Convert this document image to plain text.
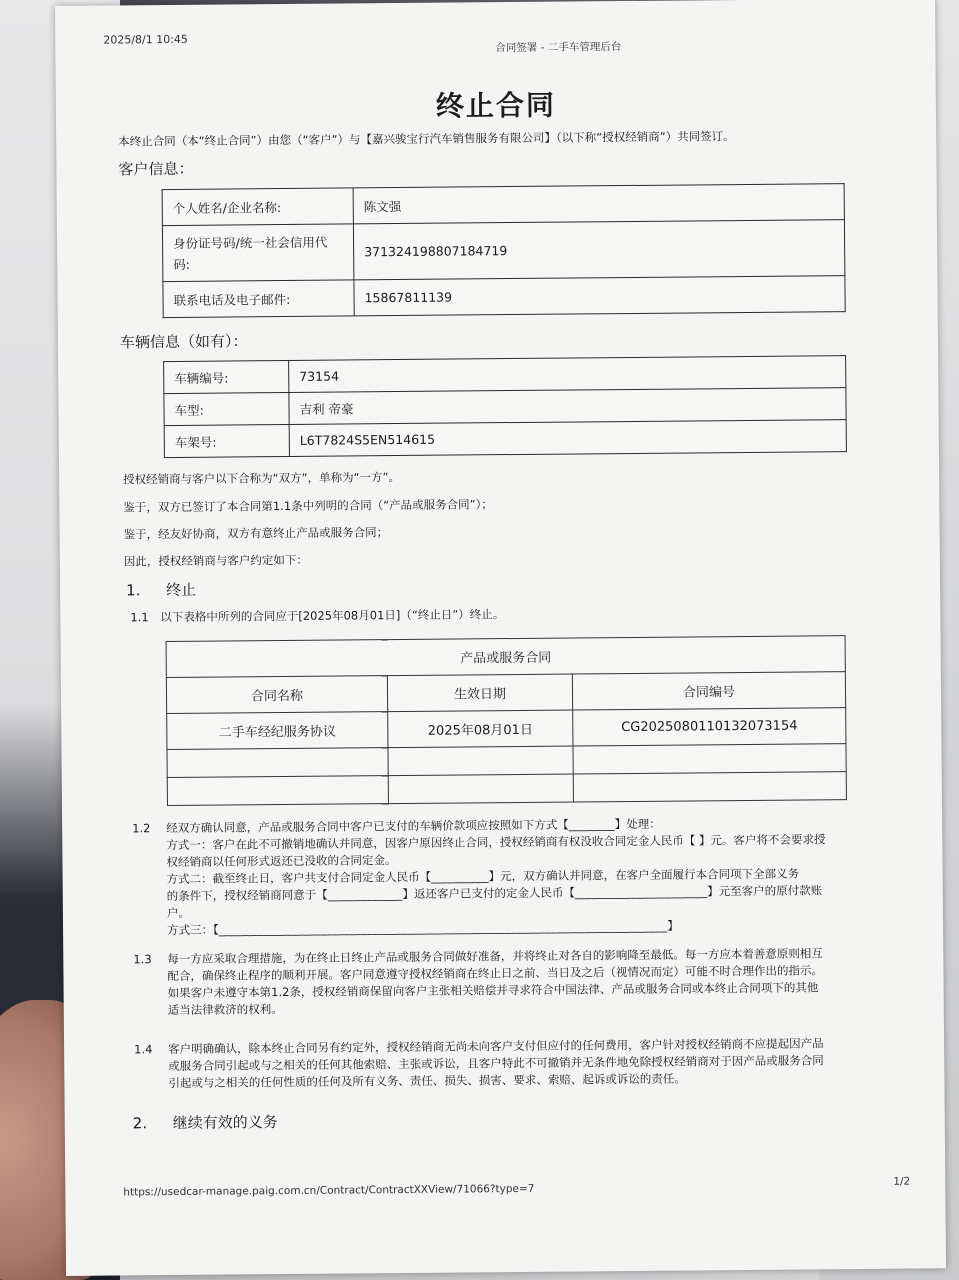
2025/8/1 10:45
合同签署 - 二手车管理后台
终止合同
本终止合同（本“终止合同”）由您（“客户”）与【嘉兴骏宝行汽车销售服务有限公司】（以下称“授权经销商”）共同签订。
客户信息：
个人姓名/企业名称:	陈文强
身份证号码/统一社会信用代码:	371324198807184719
联系电话及电子邮件:	15867811139
车辆信息（如有）：
车辆编号:	73154
车型:	吉利 帝豪
车架号:	L6T7824S5EN514615
授权经销商与客户以下合称为“双方”，单称为“一方”。
鉴于，双方已签订了本合同第1.1条中列明的合同（“产品或服务合同”）；
鉴于，经友好协商，双方有意终止产品或服务合同；
因此，授权经销商与客户约定如下：
1. 终止
1.1 以下表格中所列的合同应于[2025年08月01日]（“终止日”）终止。
产品或服务合同		
合同名称	生效日期	合同编号
二手车经纪服务协议	2025年08月01日	CG2025080110132073154

1.2 经双方确认同意，产品或服务合同中客户已支付的车辆价款项应按照如下方式【________】处理：
方式一：客户在此不可撤销地确认并同意，因客户原因终止合同，授权经销商有权没收合同定金人民币【 】元。客户将不会要求授
权经销商以任何形式返还已没收的合同定金。
方式二：截至终止日，客户共支付合同定金人民币【__________】元，双方确认并同意，在客户全面履行本合同项下全部义务
的条件下，授权经销商同意于【_____________】返还客户已支付的定金人民币【_______________________】元至客户的原付款账
户。
方式三：【______________________________________________________________________________】
1.3 每一方应采取合理措施，为在终止日终止产品或服务合同做好准备，并将终止对各自的影响降至最低。每一方应本着善意原则相互
配合，确保终止程序的顺利开展。客户同意遵守授权经销商在终止日之前、当日及之后（视情况而定）可能不时合理作出的指示。
如果客户未遵守本第1.2条，授权经销商保留向客户主张相关赔偿并寻求符合中国法律、产品或服务合同或本终止合同项下的其他
适当法律救济的权利。
1.4 客户明确确认，除本终止合同另有约定外，授权经销商无尚未向客户支付但应付的任何费用，客户针对授权经销商不应提起因产品
或服务合同引起或与之相关的任何其他索赔、主张或诉讼，且客户特此不可撤销并无条件地免除授权经销商对于因产品或服务合同
引起或与之相关的任何性质的任何及所有义务、责任、损失、损害、要求、索赔、起诉或诉讼的责任。
2. 继续有效的义务
https://usedcar-manage.paig.com.cn/Contract/ContractXXView/71066?type=7
1/2
